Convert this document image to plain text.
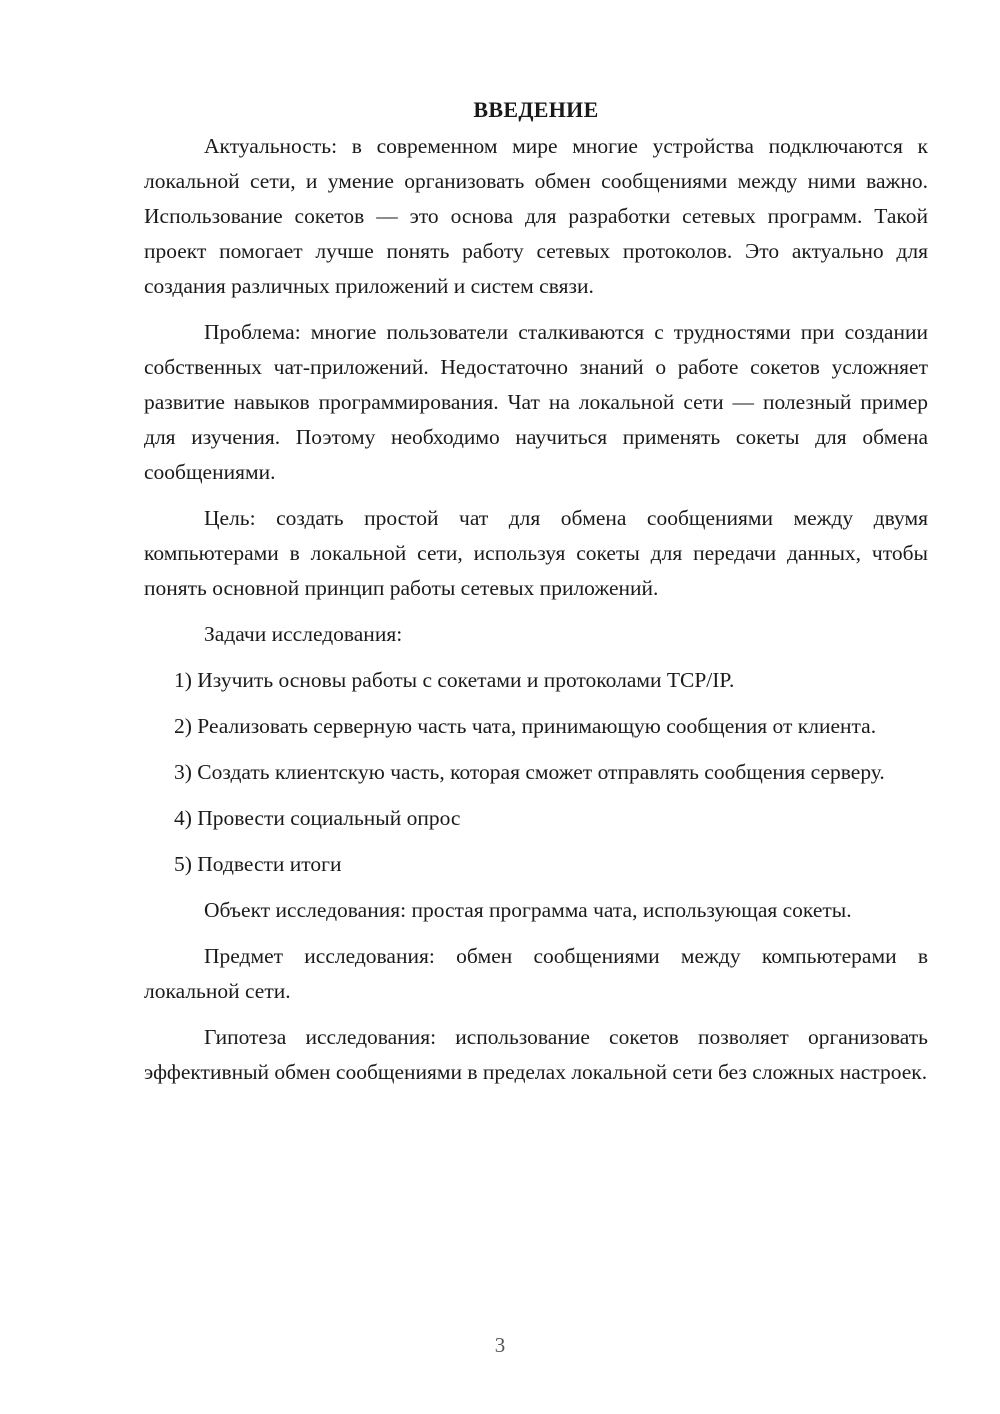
ВВЕДЕНИЕ

Актуальность: в современном мире многие устройства подключаются к локальной сети, и умение организовать обмен сообщениями между ними важно. Использование сокетов — это основа для разработки сетевых программ. Такой проект помогает лучше понять работу сетевых протоколов. Это актуально для создания различных приложений и систем связи.

Проблема: многие пользователи сталкиваются с трудностями при создании собственных чат-приложений. Недостаточно знаний о работе сокетов усложняет развитие навыков программирования. Чат на локальной сети — полезный пример для изучения. Поэтому необходимо научиться применять сокеты для обмена сообщениями.

Цель: создать простой чат для обмена сообщениями между двумя компьютерами в локальной сети, используя сокеты для передачи данных, чтобы понять основной принцип работы сетевых приложений.

Задачи исследования:

1) Изучить основы работы с сокетами и протоколами TCP/IP.

2) Реализовать серверную часть чата, принимающую сообщения от клиента.

3) Создать клиентскую часть, которая сможет отправлять сообщения серверу.

4) Провести социальный опрос

5) Подвести итоги

Объект исследования: простая программа чата, использующая сокеты.

Предмет исследования: обмен сообщениями между компьютерами в локальной сети.

Гипотеза исследования: использование сокетов позволяет организовать эффективный обмен сообщениями в пределах локальной сети без сложных настроек.

3
